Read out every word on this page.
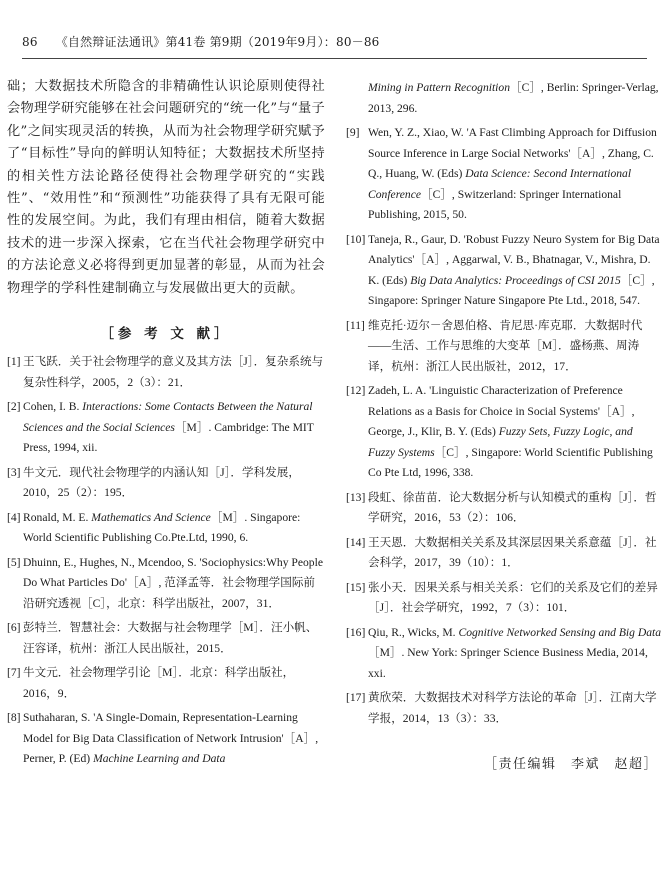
86 《自然辩证法通讯》第41卷 第9期（2019年9月）：80－86

础；大数据技术所隐含的非精确性认识论原则使得社会物理学研究能够在社会问题研究的“统一化”与“量子化”之间实现灵活的转换，从而为社会物理学研究赋予了“目标性”导向的鲜明认知特征；大数据技术所坚持的相关性方法论路径使得社会物理学研究的“实践性”、“效用性”和“预测性”功能获得了具有无限可能性的发展空间。为此，我们有理由相信，随着大数据技术的进一步深入探索，它在当代社会物理学研究中的方法论意义必将得到更加显著的彰显，从而为社会物理学的学科性建制确立与发展做出更大的贡献。

［参 考 文 献］
[1] 王飞跃．关于社会物理学的意义及其方法［J］．复杂系统与复杂性科学，2005，2（3）：21．
[2] Cohen, I. B. Interactions: Some Contacts Between the Natural Sciences and the Social Sciences［M］. Cambridge: The MIT Press, 1994, xii.
[3] 牛文元．现代社会物理学的内涵认知［J］．学科发展，2010，25（2）：195．
[4] Ronald, M. E. Mathematics And Science［M］. Singapore: World Scientific Publishing Co.Pte.Ltd, 1990, 6.
[5] Dhuinn, E., Hughes, N., Mcendoo, S. 'Sociophysics:Why People Do What Particles Do'［A］, 范泽孟等．社会物理学国际前沿研究透视［C］，北京：科学出版社，2007，31．
[6] 彭特兰．智慧社会：大数据与社会物理学［M］．汪小帆、汪容译，杭州：浙江人民出版社，2015．
[7] 牛文元．社会物理学引论［M］．北京：科学出版社，2016，9．
[8] Suthaharan, S. 'A Single-Domain, Representation-Learning Model for Big Data Classification of Network Intrusion'［A］, Perner, P. (Ed) Machine Learning and Data
Mining in Pattern Recognition［C］, Berlin: Springer-Verlag, 2013, 296.
[9] Wen, Y. Z., Xiao, W. 'A Fast Climbing Approach for Diffusion Source Inference in Large Social Networks'［A］, Zhang, C. Q., Huang, W. (Eds) Data Science: Second International Conference［C］, Switzerland: Springer International Publishing, 2015, 50.
[10] Taneja, R., Gaur, D. 'Robust Fuzzy Neuro System for Big Data Analytics'［A］, Aggarwal, V. B., Bhatnagar, V., Mishra, D. K. (Eds) Big Data Analytics: Proceedings of CSI 2015［C］, Singapore: Springer Nature Singapore Pte Ltd., 2018, 547.
[11] 维克托·迈尔－舍恩伯格、肯尼思·库克耶．大数据时代——生活、工作与思维的大变革［M］．盛杨燕、周涛译，杭州：浙江人民出版社，2012，17．
[12] Zadeh, L. A. 'Linguistic Characterization of Preference Relations as a Basis for Choice in Social Systems'［A］, George, J., Klir, B. Y. (Eds) Fuzzy Sets, Fuzzy Logic, and Fuzzy Systems［C］, Singapore: World Scientific Publishing Co Pte Ltd, 1996, 338.
[13] 段虹、徐苗苗．论大数据分析与认知模式的重构［J］．哲学研究，2016，53（2）：106．
[14] 王天恩．大数据相关关系及其深层因果关系意蕴［J］．社会科学，2017，39（10）：1．
[15] 张小天．因果关系与相关关系：它们的关系及它们的差异［J］．社会学研究，1992，7（3）：101．
[16] Qiu, R., Wicks, M. Cognitive Networked Sensing and Big Data［M］. New York: Springer Science Business Media, 2014, xxi.
[17] 黄欣荣．大数据技术对科学方法论的革命［J］．江南大学学报，2014，13（3）：33．
［责任编辑　李斌　赵超］
